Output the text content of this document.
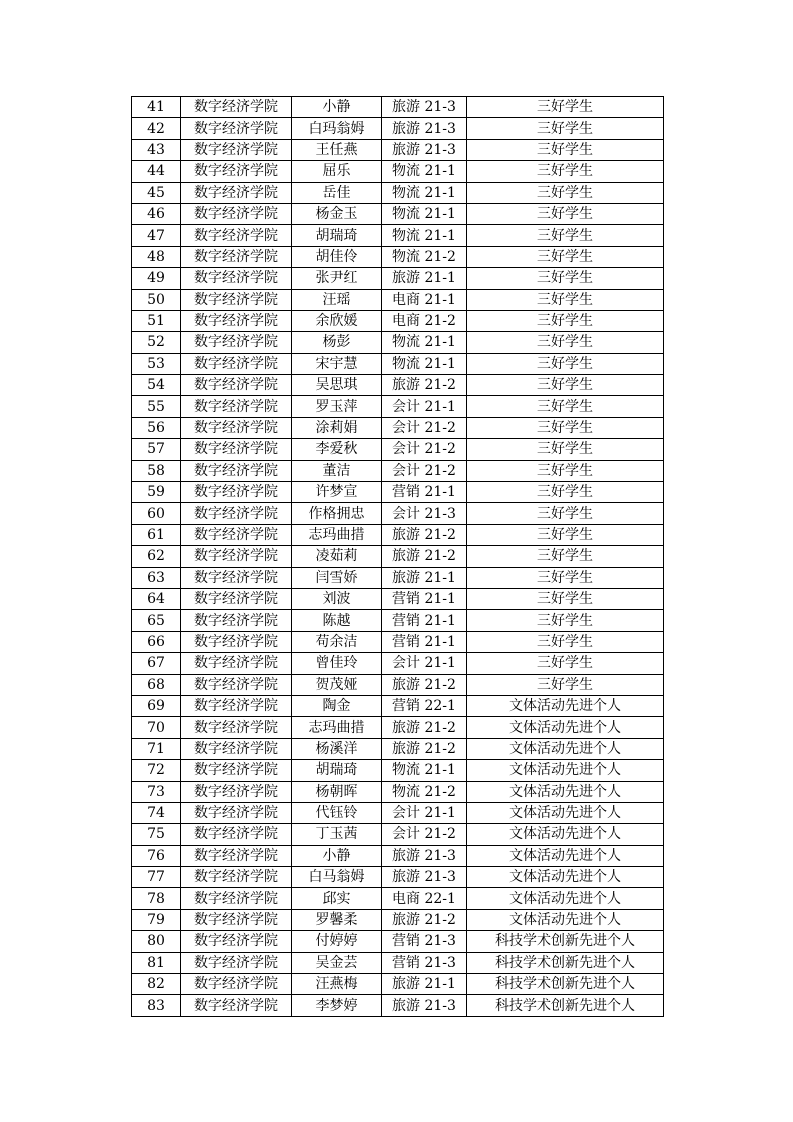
41	数字经济学院	小静	旅游 21-3	三好学生
42	数字经济学院	白玛翁姆	旅游 21-3	三好学生
43	数字经济学院	王任燕	旅游 21-3	三好学生
44	数字经济学院	屈乐	物流 21-1	三好学生
45	数字经济学院	岳佳	物流 21-1	三好学生
46	数字经济学院	杨金玉	物流 21-1	三好学生
47	数字经济学院	胡瑞琦	物流 21-1	三好学生
48	数字经济学院	胡佳伶	物流 21-2	三好学生
49	数字经济学院	张尹红	旅游 21-1	三好学生
50	数字经济学院	汪瑶	电商 21-1	三好学生
51	数字经济学院	余欣媛	电商 21-2	三好学生
52	数字经济学院	杨彭	物流 21-1	三好学生
53	数字经济学院	宋宇慧	物流 21-1	三好学生
54	数字经济学院	吴思琪	旅游 21-2	三好学生
55	数字经济学院	罗玉萍	会计 21-1	三好学生
56	数字经济学院	涂莉娟	会计 21-2	三好学生
57	数字经济学院	李爱秋	会计 21-2	三好学生
58	数字经济学院	董洁	会计 21-2	三好学生
59	数字经济学院	许梦宣	营销 21-1	三好学生
60	数字经济学院	作格拥忠	会计 21-3	三好学生
61	数字经济学院	志玛曲措	旅游 21-2	三好学生
62	数字经济学院	凌茹莉	旅游 21-2	三好学生
63	数字经济学院	闫雪娇	旅游 21-1	三好学生
64	数字经济学院	刘波	营销 21-1	三好学生
65	数字经济学院	陈越	营销 21-1	三好学生
66	数字经济学院	苟余洁	营销 21-1	三好学生
67	数字经济学院	曾佳玲	会计 21-1	三好学生
68	数字经济学院	贺茂娅	旅游 21-2	三好学生
69	数字经济学院	陶金	营销 22-1	文体活动先进个人
70	数字经济学院	志玛曲措	旅游 21-2	文体活动先进个人
71	数字经济学院	杨溪洋	旅游 21-2	文体活动先进个人
72	数字经济学院	胡瑞琦	物流 21-1	文体活动先进个人
73	数字经济学院	杨朝晖	物流 21-2	文体活动先进个人
74	数字经济学院	代钰铃	会计 21-1	文体活动先进个人
75	数字经济学院	丁玉茜	会计 21-2	文体活动先进个人
76	数字经济学院	小静	旅游 21-3	文体活动先进个人
77	数字经济学院	白马翁姆	旅游 21-3	文体活动先进个人
78	数字经济学院	邱实	电商 22-1	文体活动先进个人
79	数字经济学院	罗馨柔	旅游 21-2	文体活动先进个人
80	数字经济学院	付婷婷	营销 21-3	科技学术创新先进个人
81	数字经济学院	吴金芸	营销 21-3	科技学术创新先进个人
82	数字经济学院	汪燕梅	旅游 21-1	科技学术创新先进个人
83	数字经济学院	李梦婷	旅游 21-3	科技学术创新先进个人
